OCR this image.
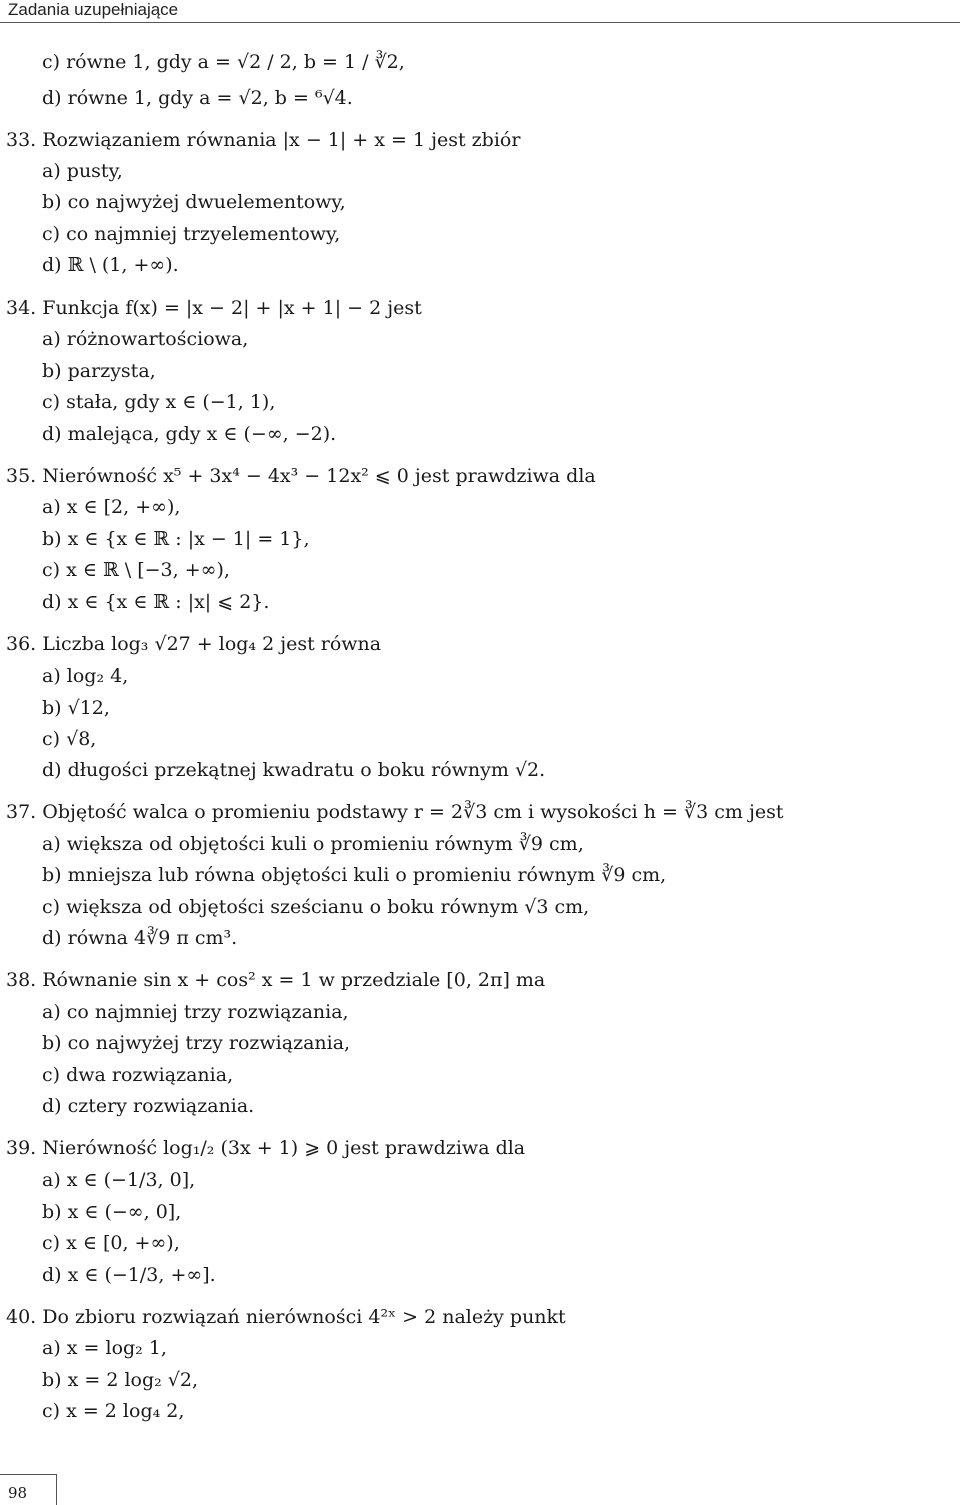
Zadania uzupełniające
c) równe 1, gdy a = √2 / 2, b = 1 / ∛2,
d) równe 1, gdy a = √2, b = ⁶√4.
33. Rozwiązaniem równania |x − 1| + x = 1 jest zbiór
a) pusty,
b) co najwyżej dwuelementowy,
c) co najmniej trzyelementowy,
d) ℝ \ (1, +∞).
34. Funkcja f(x) = |x − 2| + |x + 1| − 2 jest
a) różnowartościowa,
b) parzysta,
c) stała, gdy x ∈ (−1, 1),
d) malejąca, gdy x ∈ (−∞, −2).
35. Nierówność x⁵ + 3x⁴ − 4x³ − 12x² ⩽ 0 jest prawdziwa dla
a) x ∈ [2, +∞),
b) x ∈ {x ∈ ℝ : |x − 1| = 1},
c) x ∈ ℝ \ [−3, +∞),
d) x ∈ {x ∈ ℝ : |x| ⩽ 2}.
36. Liczba log₃ √27 + log₄ 2 jest równa
a) log₂ 4,
b) √12,
c) √8,
d) długości przekątnej kwadratu o boku równym √2.
37. Objętość walca o promieniu podstawy r = 2∛3 cm i wysokości h = ∛3 cm jest
a) większa od objętości kuli o promieniu równym ∛9 cm,
b) mniejsza lub równa objętości kuli o promieniu równym ∛9 cm,
c) większa od objętości sześcianu o boku równym √3 cm,
d) równa 4∛9 π cm³.
38. Równanie sin x + cos² x = 1 w przedziale [0, 2π] ma
a) co najmniej trzy rozwiązania,
b) co najwyżej trzy rozwiązania,
c) dwa rozwiązania,
d) cztery rozwiązania.
39. Nierówność log₁/₂ (3x + 1) ⩾ 0 jest prawdziwa dla
a) x ∈ (−1/3, 0],
b) x ∈ (−∞, 0],
c) x ∈ [0, +∞),
d) x ∈ (−1/3, +∞].
40. Do zbioru rozwiązań nierówności 4²ˣ > 2 należy punkt
a) x = log₂ 1,
b) x = 2 log₂ √2,
c) x = 2 log₄ 2,
98
